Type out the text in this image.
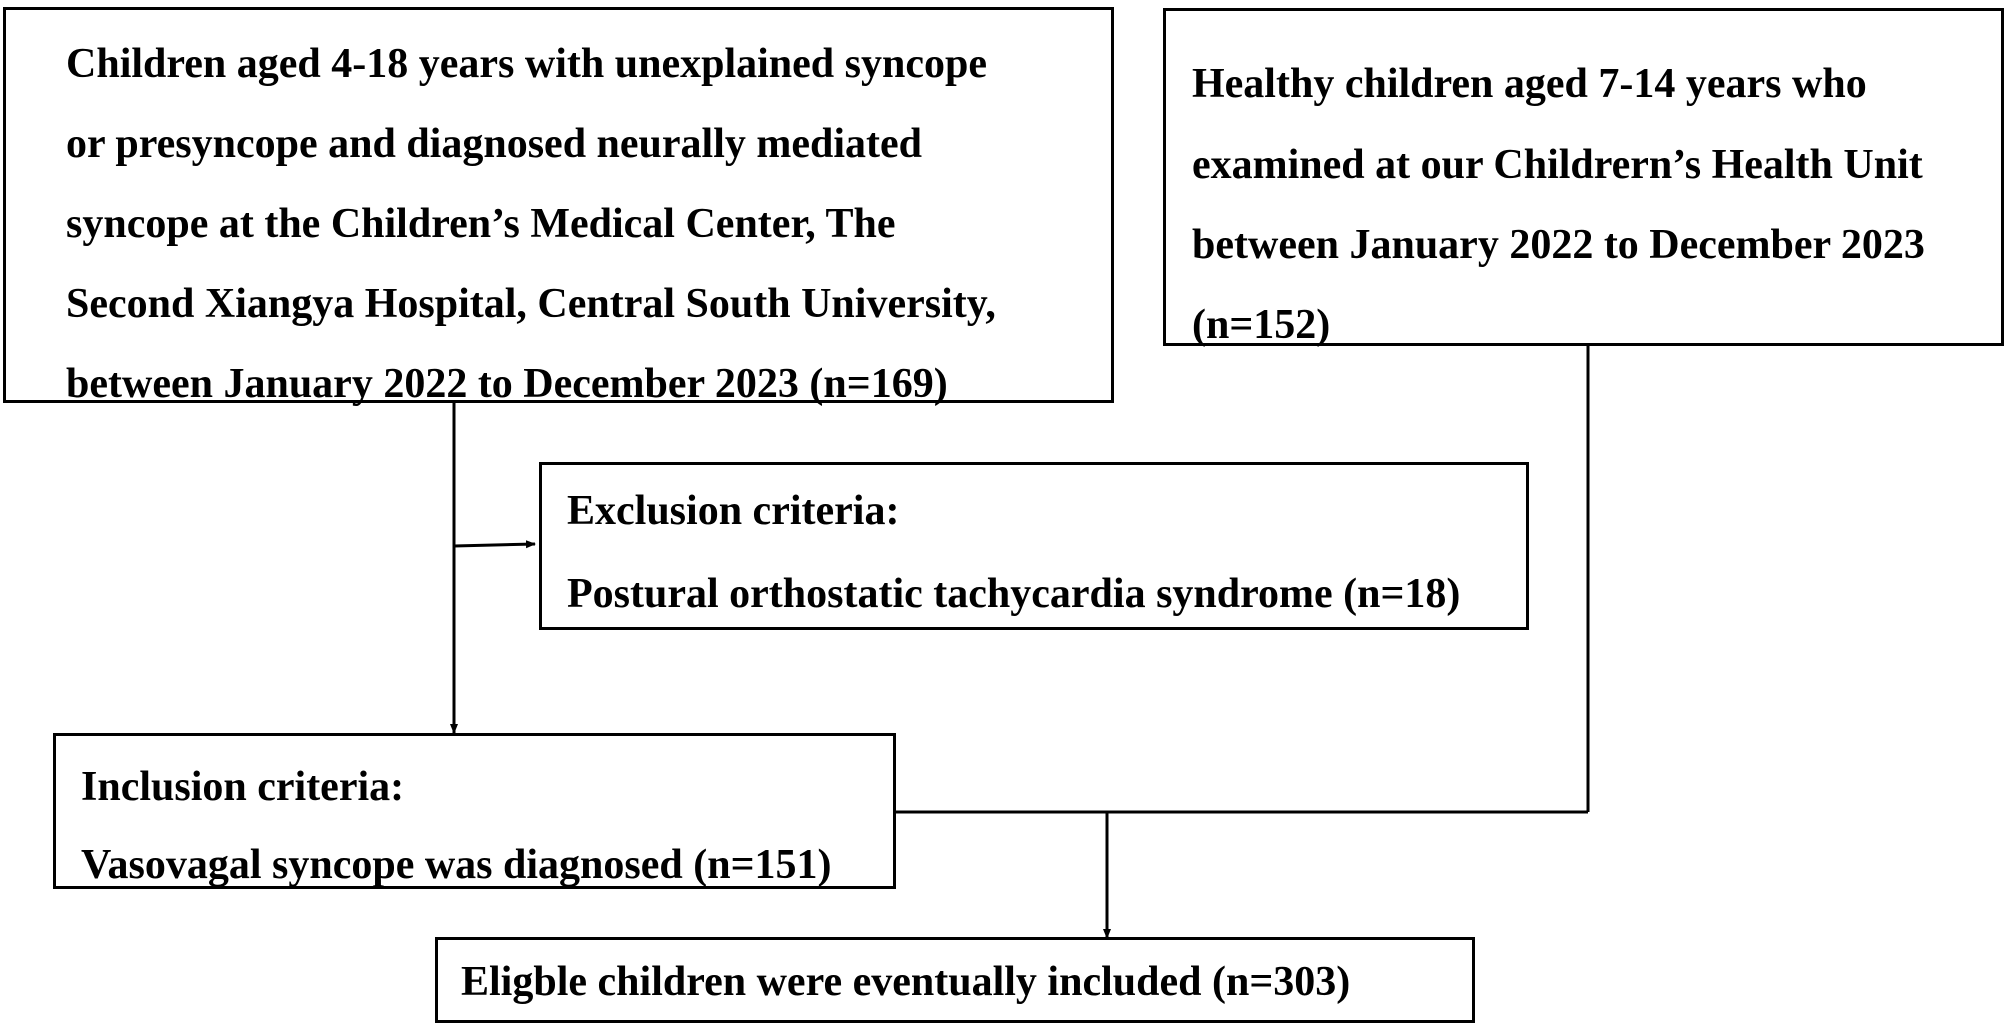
Children aged 4-18 years with unexplained syncope
or presyncope and diagnosed neurally mediated
syncope at the Children’s Medical Center, The
Second Xiangya Hospital, Central South University,
between January 2022 to December 2023 (n=169)
Healthy children aged 7-14 years who
examined at our Childrern’s Health Unit
between January 2022 to December 2023
(n=152)
Exclusion criteria:
Postural orthostatic tachycardia syndrome (n=18)
Inclusion criteria:
Vasovagal syncope was diagnosed (n=151)
Eligble children were eventually included (n=303)
